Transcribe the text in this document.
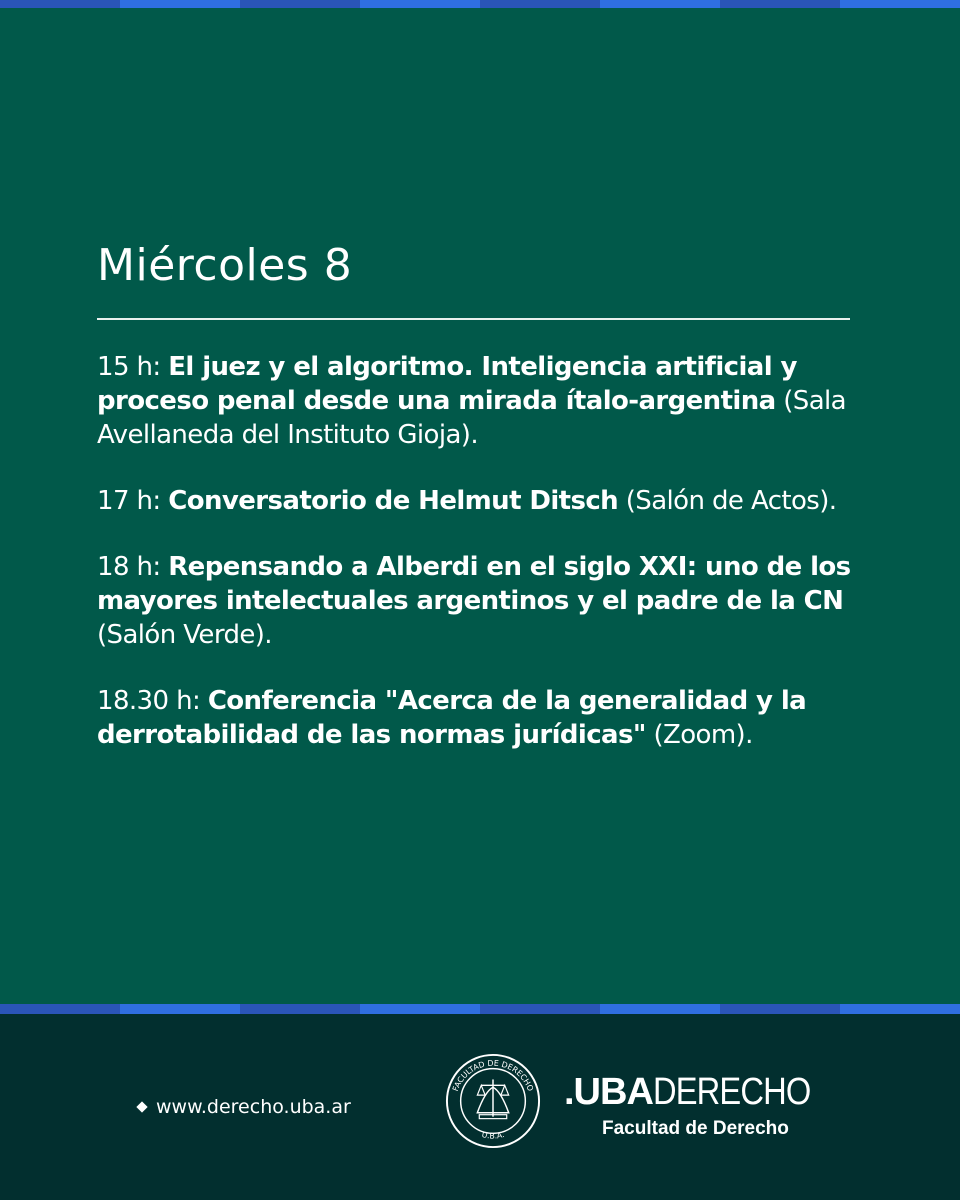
Miércoles 8

15 h: El juez y el algoritmo. Inteligencia artificial y proceso penal desde una mirada ítalo-argentina (Sala Avellaneda del Instituto Gioja).

17 h: Conversatorio de Helmut Ditsch (Salón de Actos).

18 h: Repensando a Alberdi en el siglo XXI: uno de los mayores intelectuales argentinos y el padre de la CN (Salón Verde).

18.30 h: Conferencia "Acerca de la generalidad y la derrotabilidad de las normas jurídicas" (Zoom).

www.derecho.uba.ar
FACULTAD DE DERECHO
U.B.A.
.UBADERECHO
Facultad de Derecho
